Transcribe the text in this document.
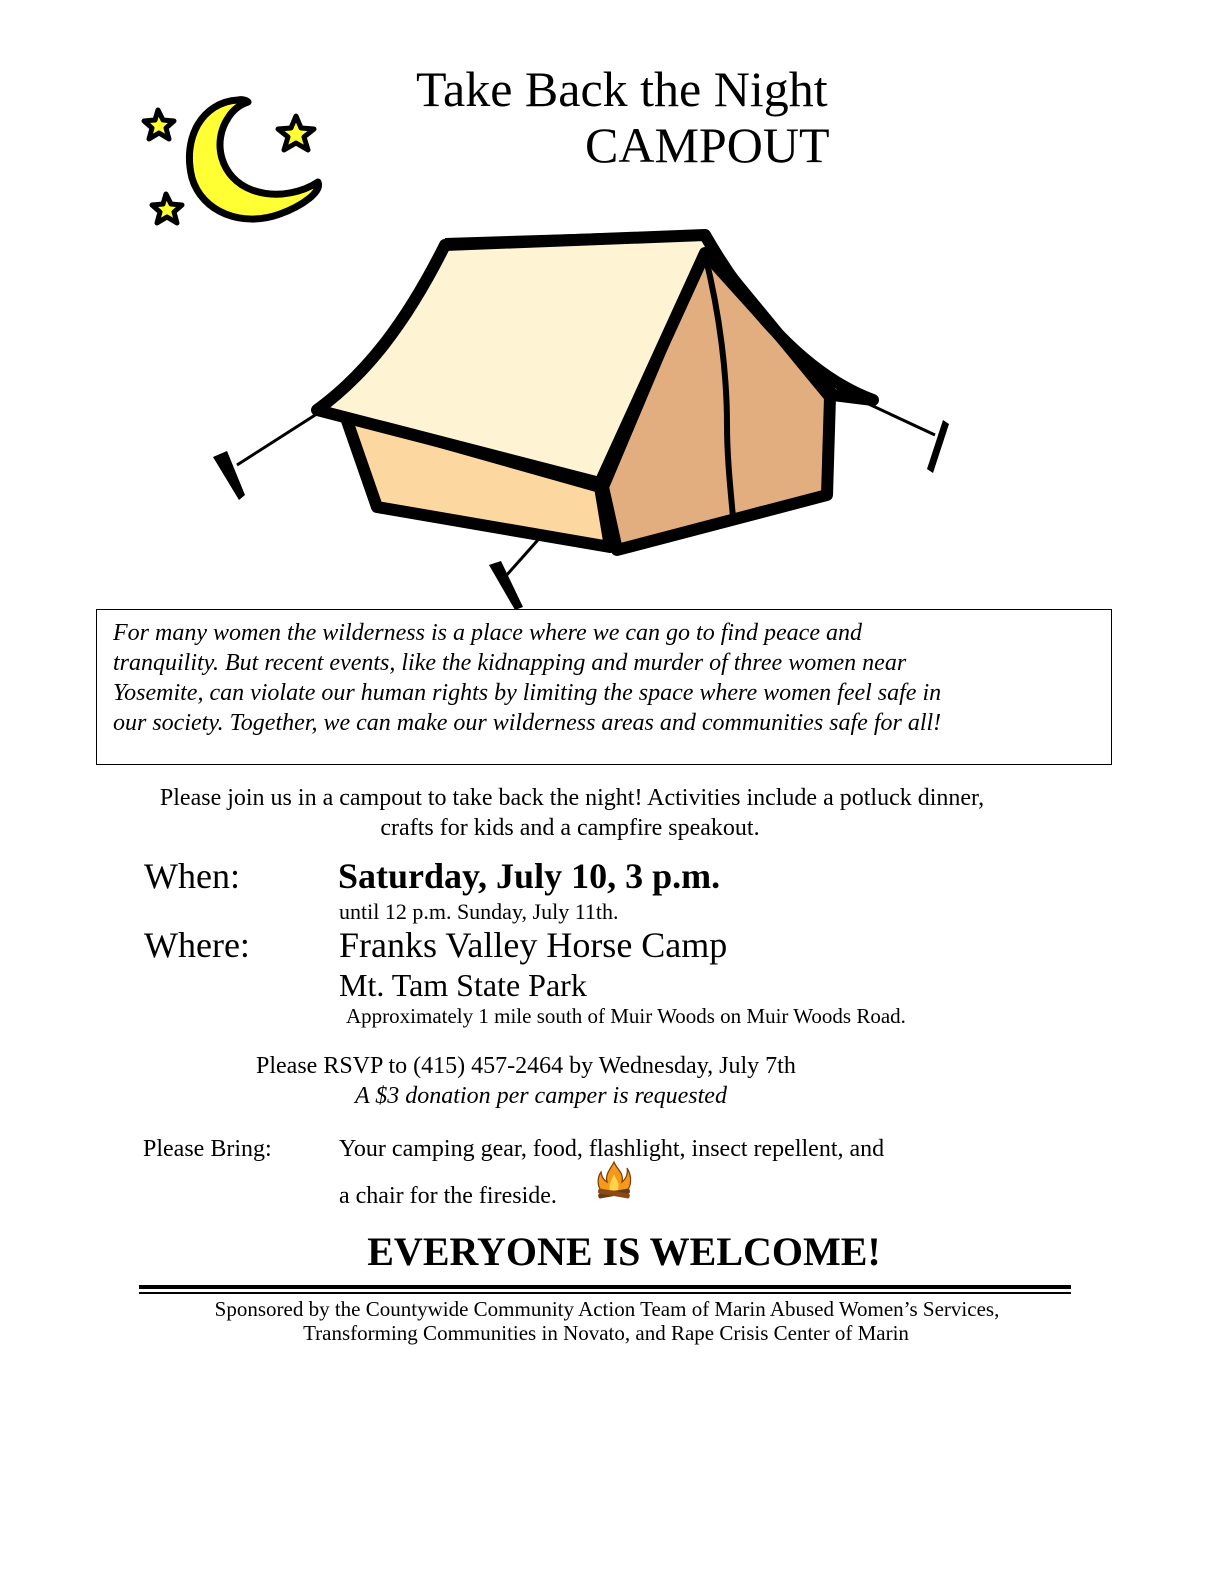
Take Back the Night
CAMPOUT

For many women the wilderness is a place where we can go to find peace and
tranquility. But recent events, like the kidnapping and murder of three women near
Yosemite, can violate our human rights by limiting the space where women feel safe in
our society. Together, we can make our wilderness areas and communities safe for all!

Please join us in a campout to take back the night! Activities include a potluck dinner,
crafts for kids and a campfire speakout.
When:	Saturday, July 10, 3 p.m.
until 12 p.m. Sunday, July 11th.
Where: Franks Valley Horse Camp
Mt. Tam State Park
Approximately 1 mile south of Muir Woods on Muir Woods Road.
Please RSVP to (415) 457-2464 by Wednesday, July 7th
A $3 donation per camper is requested
Please Bring:	Your camping gear, food, flashlight, insect repellent, and
a chair for the fireside.
EVERYONE IS WELCOME!
Sponsored by the Countywide Community Action Team of Marin Abused Women’s Services,
Transforming Communities in Novato, and Rape Crisis Center of Marin
